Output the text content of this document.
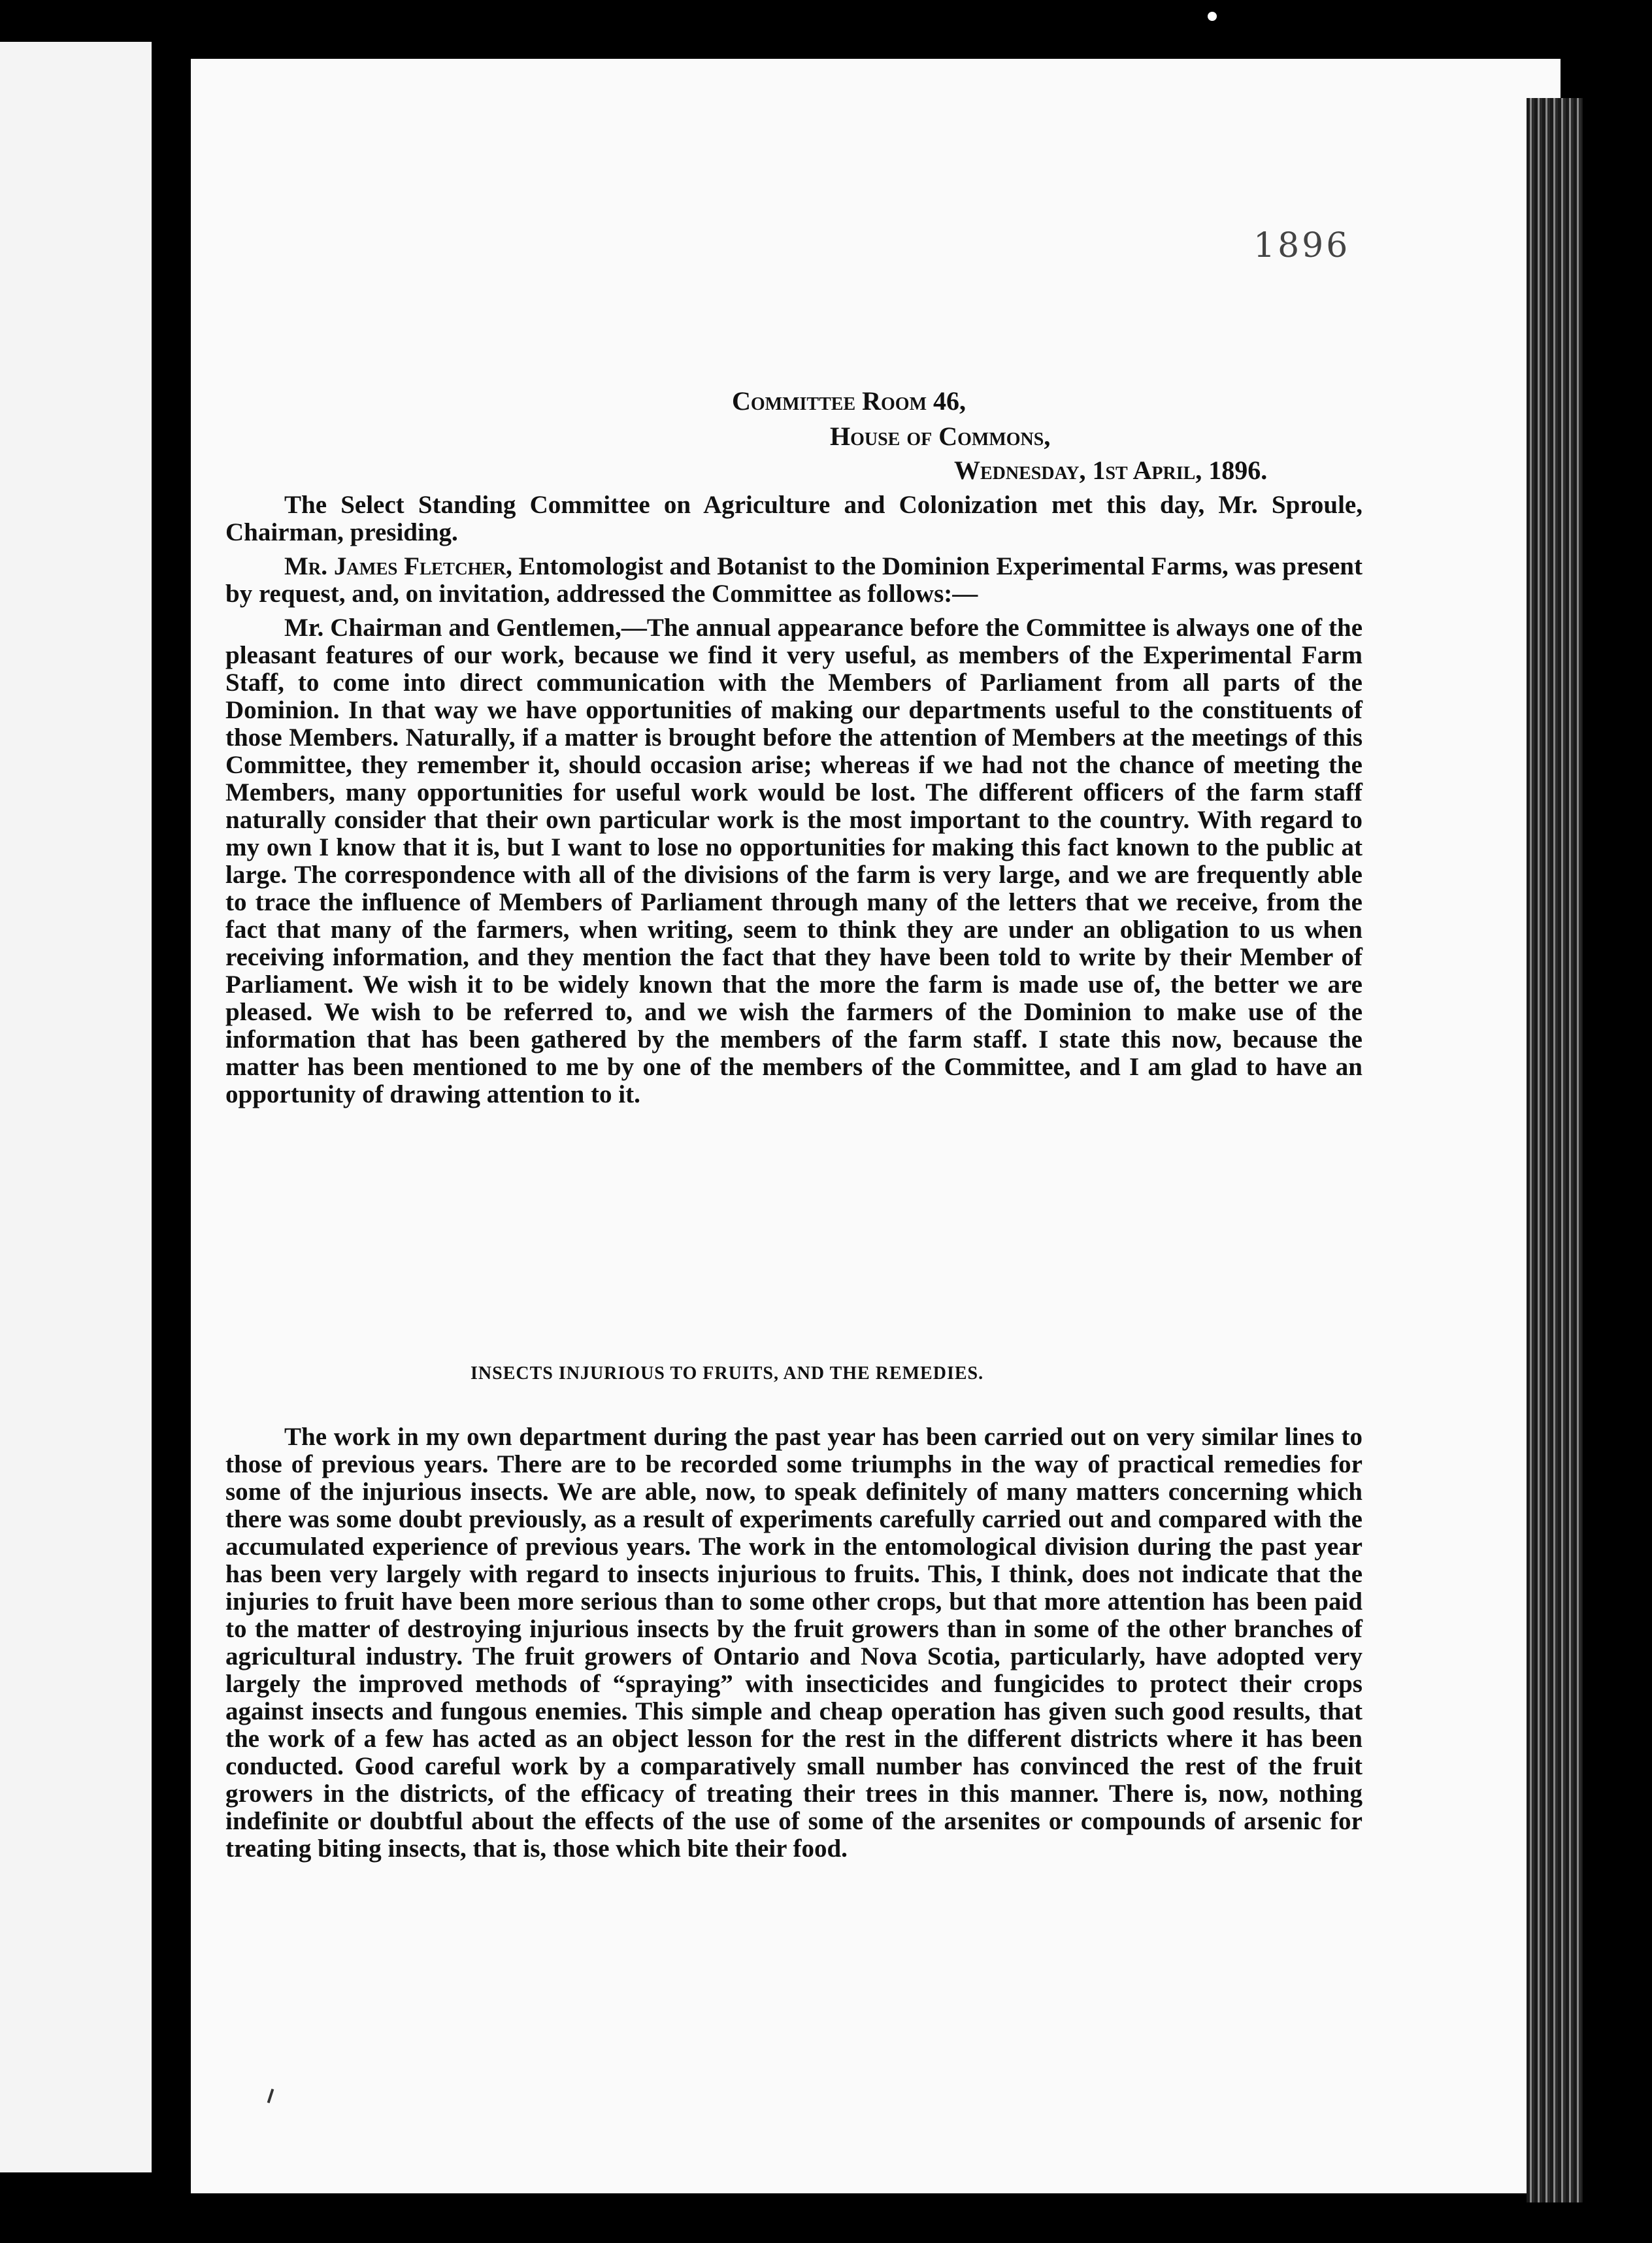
1896
Committee Room 46,
House of Commons,
Wednesday, 1st April, 1896.

The Select Standing Committee on Agriculture and Colonization met this day, Mr. Sproule, Chairman, presiding.

Mr. James Fletcher, Entomologist and Botanist to the Dominion Experimental Farms, was present by request, and, on invitation, addressed the Committee as follows:—

Mr. Chairman and Gentlemen,—The annual appearance before the Committee is always one of the pleasant features of our work, because we find it very useful, as members of the Experimental Farm Staff, to come into direct communication with the Members of Parliament from all parts of the Dominion. In that way we have opportunities of making our departments useful to the constituents of those Members. Naturally, if a matter is brought before the attention of Members at the meetings of this Committee, they remember it, should occasion arise; whereas if we had not the chance of meeting the Members, many opportunities for useful work would be lost. The different officers of the farm staff naturally consider that their own particular work is the most important to the country. With regard to my own I know that it is, but I want to lose no opportunities for making this fact known to the public at large. The correspondence with all of the divisions of the farm is very large, and we are frequently able to trace the influence of Members of Parliament through many of the letters that we receive, from the fact that many of the farmers, when writing, seem to think they are under an obligation to us when receiving information, and they mention the fact that they have been told to write by their Member of Parliament. We wish it to be widely known that the more the farm is made use of, the better we are pleased. We wish to be referred to, and we wish the farmers of the Dominion to make use of the information that has been gathered by the members of the farm staff. I state this now, because the matter has been mentioned to me by one of the members of the Committee, and I am glad to have an opportunity of drawing attention to it.

INSECTS INJURIOUS TO FRUITS, AND THE REMEDIES.

The work in my own department during the past year has been carried out on very similar lines to those of previous years. There are to be recorded some triumphs in the way of practical remedies for some of the injurious insects. We are able, now, to speak definitely of many matters concerning which there was some doubt previously, as a result of experiments carefully carried out and compared with the accumulated experience of previous years. The work in the entomological division during the past year has been very largely with regard to insects injurious to fruits. This, I think, does not indicate that the injuries to fruit have been more serious than to some other crops, but that more attention has been paid to the matter of destroying injurious insects by the fruit growers than in some of the other branches of agricultural industry. The fruit growers of Ontario and Nova Scotia, particularly, have adopted very largely the improved methods of “spraying” with insecticides and fungicides to protect their crops against insects and fungous enemies. This simple and cheap operation has given such good results, that the work of a few has acted as an object lesson for the rest in the different districts where it has been conducted. Good careful work by a comparatively small number has convinced the rest of the fruit growers in the districts, of the efficacy of treating their trees in this manner. There is, now, nothing indefinite or doubtful about the effects of the use of some of the arsenites or compounds of arsenic for treating biting insects, that is, those which bite their food.
